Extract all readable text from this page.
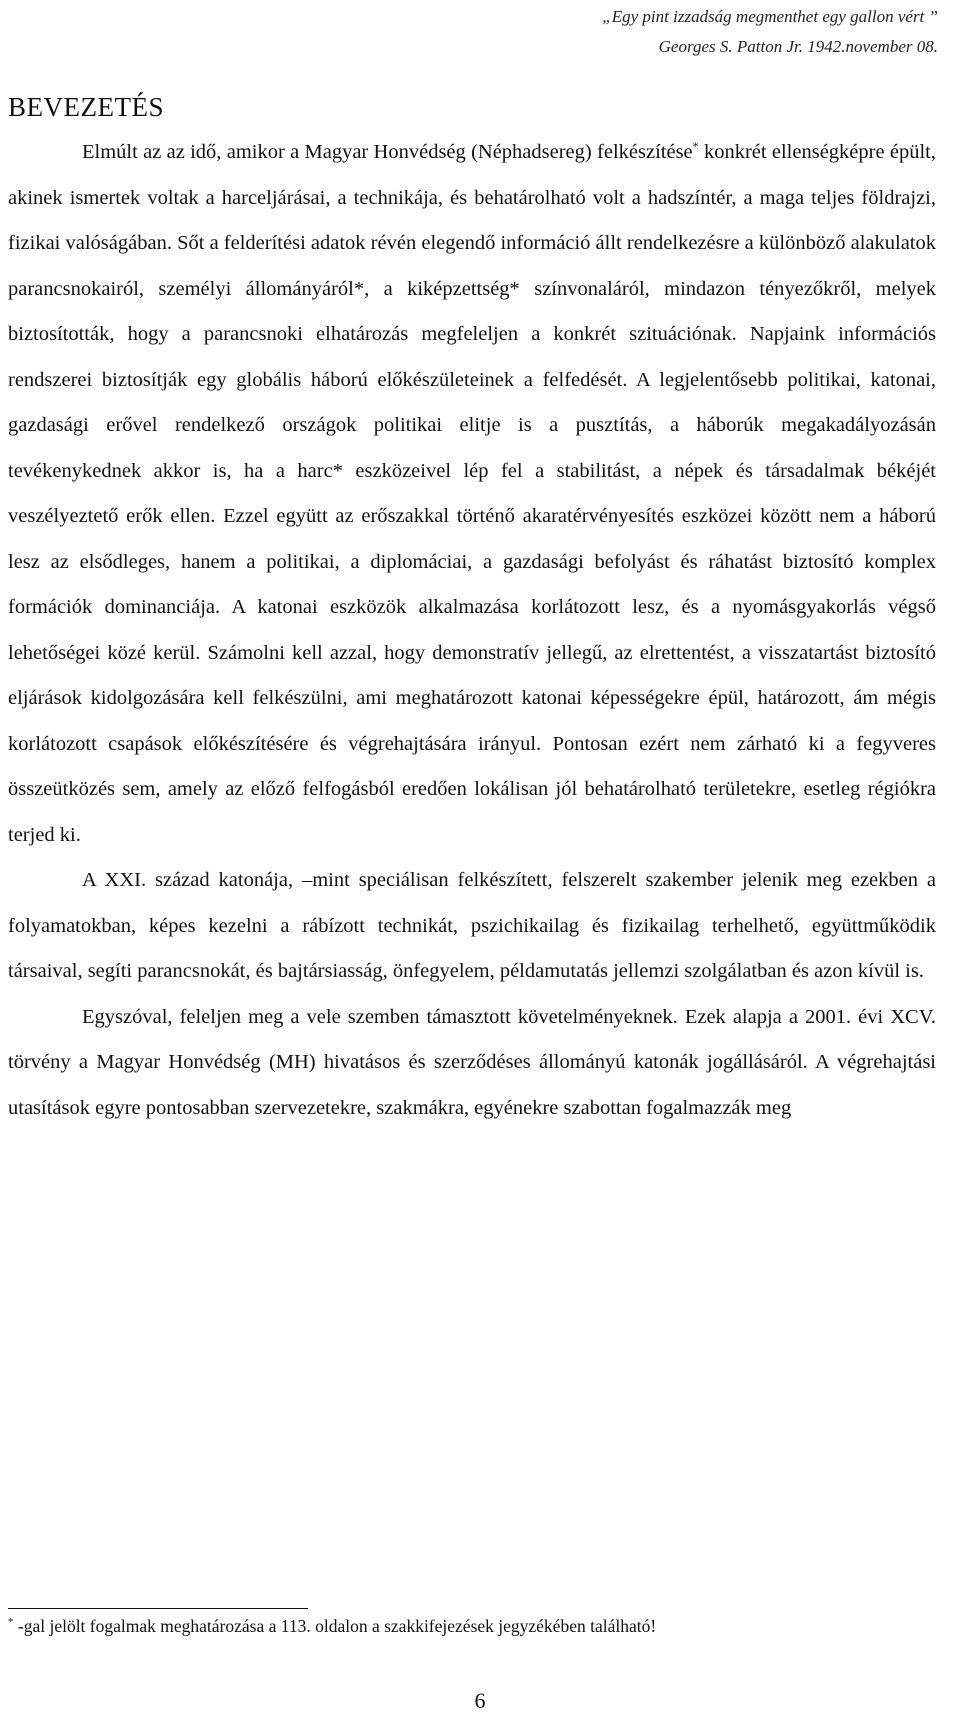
„Egy pint izzadság megmenthet egy gallon vért ”
Georges S. Patton Jr. 1942.november 08.
BEVEZETÉS

Elmúlt az az idő, amikor a Magyar Honvédség (Néphadsereg) felkészítése* konkrét ellenségképre épült, akinek ismertek voltak a harceljárásai, a technikája, és behatárolható volt a hadszíntér, a maga teljes földrajzi, fizikai valóságában. Sőt a felderítési adatok révén elegendő információ állt rendelkezésre a különböző alakulatok parancsnokairól, személyi állományáról*, a kiképzettség* színvonaláról, mindazon tényezőkről, melyek biztosították, hogy a parancsnoki elhatározás megfeleljen a konkrét szituációnak. Napjaink információs rendszerei biztosítják egy globális háború előkészületeinek a felfedését. A legjelentősebb politikai, katonai, gazdasági erővel rendelkező országok politikai elitje is a pusztítás, a háborúk megakadályozásán tevékenykednek akkor is, ha a harc* eszközeivel lép fel a stabilitást, a népek és társadalmak békéjét veszélyeztető erők ellen. Ezzel együtt az erőszakkal történő akaratérvényesítés eszközei között nem a háború lesz az elsődleges, hanem a politikai, a diplomáciai, a gazdasági befolyást és ráhatást biztosító komplex formációk dominanciája. A katonai eszközök alkalmazása korlátozott lesz, és a nyomásgyakorlás végső lehetőségei közé kerül. Számolni kell azzal, hogy demonstratív jellegű, az elrettentést, a visszatartást biztosító eljárások kidolgozására kell felkészülni, ami meghatározott katonai képességekre épül, határozott, ám mégis korlátozott csapások előkészítésére és végrehajtására irányul. Pontosan ezért nem zárható ki a fegyveres összeütközés sem, amely az előző felfogásból eredően lokálisan jól behatárolható területekre, esetleg régiókra terjed ki.

A XXI. század katonája, –mint speciálisan felkészített, felszerelt szakember jelenik meg ezekben a folyamatokban, képes kezelni a rábízott technikát, pszichikailag és fizikailag terhelhető, együttműködik társaival, segíti parancsnokát, és bajtársiasság, önfegyelem, példamutatás jellemzi szolgálatban és azon kívül is.

Egyszóval, feleljen meg a vele szemben támasztott követelményeknek. Ezek alapja a 2001. évi XCV. törvény a Magyar Honvédség (MH) hivatásos és szerződéses állományú katonák jogállásáról. A végrehajtási utasítások egyre pontosabban szervezetekre, szakmákra, egyénekre szabottan fogalmazzák meg

* -gal jelölt fogalmak meghatározása a 113. oldalon a szakkifejezések jegyzékében található!
6
